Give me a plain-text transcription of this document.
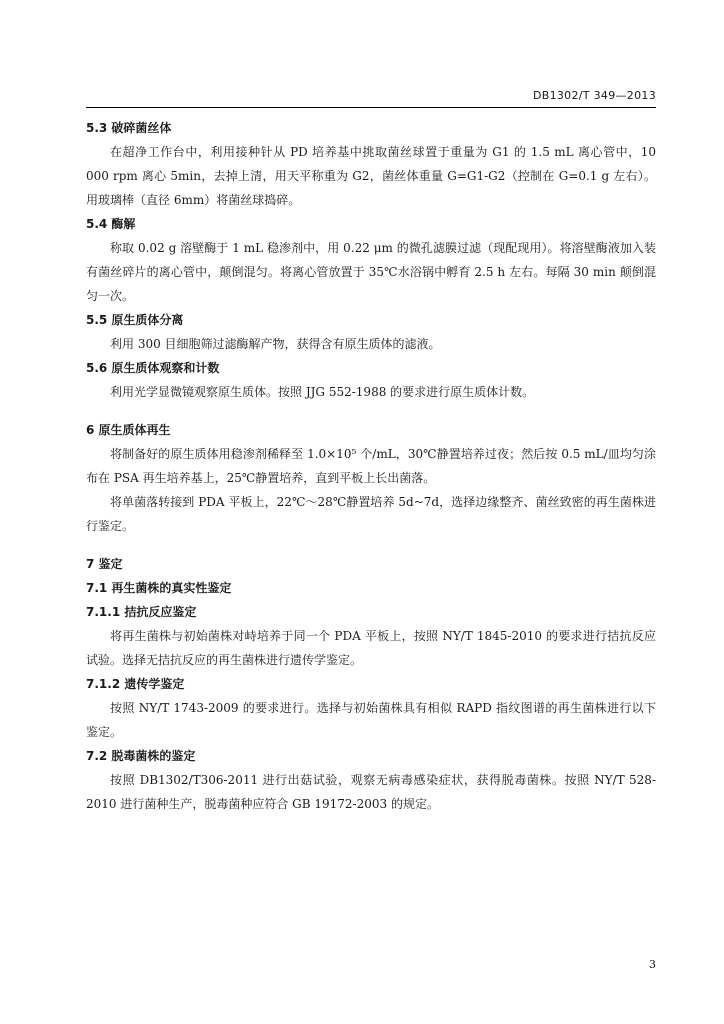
DB1302/T 349—2013
5.3 破碎菌丝体

在超净工作台中，利用接种针从 PD 培养基中挑取菌丝球置于重量为 G1 的 1.5 mL 离心管中，10 000 rpm 离心 5min，去掉上清，用天平称重为 G2，菌丝体重量 G=G1-G2（控制在 G=0.1 g 左右）。用玻璃棒（直径 6mm）将菌丝球捣碎。

5.4 酶解

称取 0.02 g 溶壁酶于 1 mL 稳渗剂中，用 0.22 μm 的微孔滤膜过滤（现配现用）。将溶壁酶液加入装有菌丝碎片的离心管中，颠倒混匀。将离心管放置于 35℃水浴锅中孵育 2.5 h 左右。每隔 30 min 颠倒混匀一次。

5.5 原生质体分离

利用 300 目细胞筛过滤酶解产物，获得含有原生质体的滤液。

5.6 原生质体观察和计数

利用光学显微镜观察原生质体。按照 JJG 552-1988 的要求进行原生质体计数。

6 原生质体再生

将制备好的原生质体用稳渗剂稀释至 1.0×10⁵ 个/mL，30℃静置培养过夜；然后按 0.5 mL/皿均匀涂布在 PSA 再生培养基上，25℃静置培养，直到平板上长出菌落。

将单菌落转接到 PDA 平板上，22℃～28℃静置培养 5d~7d，选择边缘整齐、菌丝致密的再生菌株进行鉴定。

7 鉴定
7.1 再生菌株的真实性鉴定
7.1.1 拮抗反应鉴定

将再生菌株与初始菌株对峙培养于同一个 PDA 平板上，按照 NY/T 1845-2010 的要求进行拮抗反应试验。选择无拮抗反应的再生菌株进行遗传学鉴定。

7.1.2 遗传学鉴定

按照 NY/T 1743-2009 的要求进行。选择与初始菌株具有相似 RAPD 指纹图谱的再生菌株进行以下鉴定。

7.2 脱毒菌株的鉴定

按照 DB1302/T306-2011 进行出菇试验，观察无病毒感染症状，获得脱毒菌株。按照 NY/T 528-2010 进行菌种生产，脱毒菌种应符合 GB 19172-2003 的规定。

3
